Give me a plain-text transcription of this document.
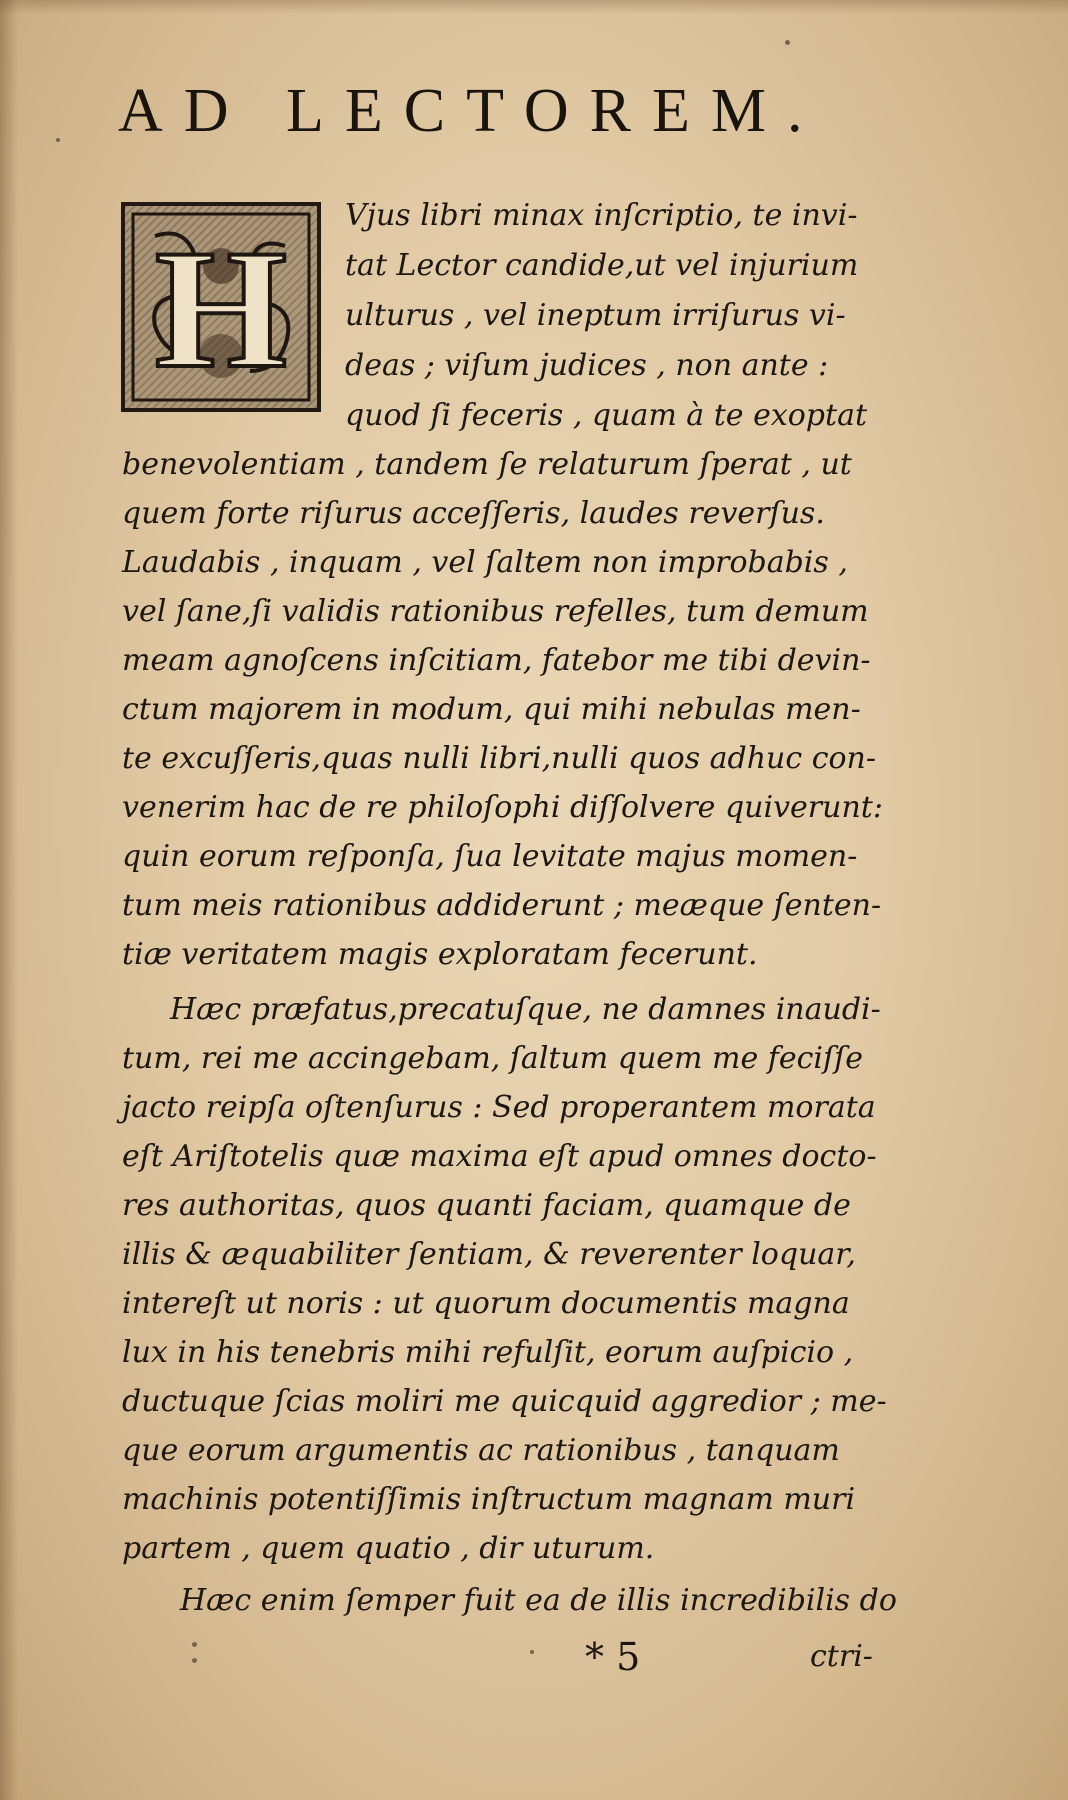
AD LECTOREM.
H Vjus libri minax inſcriptio, te invi-
tat Lector candide,ut vel injurium
ulturus , vel ineptum irriſurus vi-
deas ; viſum judices , non ante :
quod ſi feceris , quam à te exoptat
benevolentiam , tandem ſe relaturum ſperat , ut
quem forte riſurus acceſſeris, laudes reverſus.
Laudabis , inquam , vel ſaltem non improbabis ,
vel ſane,ſi validis rationibus refelles, tum demum
meam agnoſcens inſcitiam, fatebor me tibi devin-
ctum majorem in modum, qui mihi nebulas men-
te excuſſeris,quas nulli libri,nulli quos adhuc con-
venerim hac de re philoſophi diſſolvere quiverunt:
quin eorum reſponſa, ſua levitate majus momen-
tum meis rationibus addiderunt ; meæque ſenten-
tiæ veritatem magis exploratam fecerunt.
Hæc præfatus,precatuſque, ne damnes inaudi-
tum, rei me accingebam, ſaltum quem me feciſſe
jacto reipſa oſtenſurus : Sed properantem morata
eſt Ariſtotelis quæ maxima eſt apud omnes docto-
res authoritas, quos quanti faciam, quamque de
illis & æquabiliter ſentiam, & reverenter loquar,
intereſt ut noris : ut quorum documentis magna
lux in his tenebris mihi refulſit, eorum auſpicio ,
ductuque ſcias moliri me quicquid aggredior ; me-
que eorum argumentis ac rationibus , tanquam
machinis potentiſſimis inſtructum magnam muri
partem , quem quatio , dir uturum.
Hæc enim ſemper fuit ea de illis incredibilis do
* 5	ctri-
